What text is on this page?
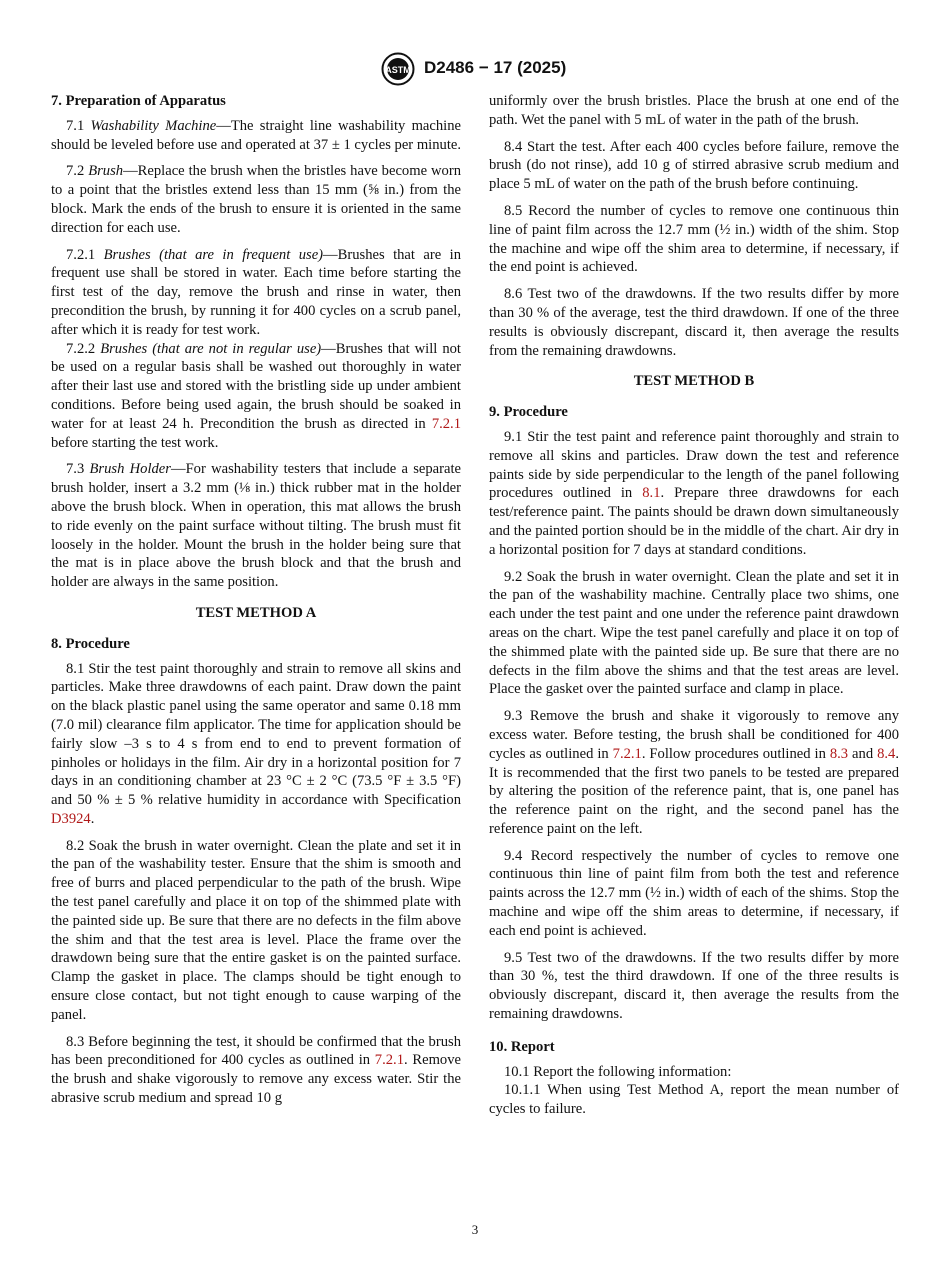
ASTM D2486 − 17 (2025)
7. Preparation of Apparatus

7.1 Washability Machine—The straight line washability machine should be leveled before use and operated at 37 ± 1 cycles per minute.

7.2 Brush—Replace the brush when the bristles have become worn to a point that the bristles extend less than 15 mm (⅝ in.) from the block. Mark the ends of the brush to ensure it is oriented in the same direction for each use.

7.2.1 Brushes (that are in frequent use)—Brushes that are in frequent use shall be stored in water. Each time before starting the first test of the day, remove the brush and rinse in water, then precondition the brush, by running it for 400 cycles on a scrub panel, after which it is ready for test work.

7.2.2 Brushes (that are not in regular use)—Brushes that will not be used on a regular basis shall be washed out thoroughly in water after their last use and stored with the bristling side up under ambient conditions. Before being used again, the brush should be soaked in water for at least 24 h. Precondition the brush as directed in 7.2.1 before starting the test work.

7.3 Brush Holder—For washability testers that include a separate brush holder, insert a 3.2 mm (⅛ in.) thick rubber mat in the holder above the brush block. When in operation, this mat allows the brush to ride evenly on the paint surface without tilting. The brush must fit loosely in the holder. Mount the brush in the holder being sure that the mat is in place above the brush block and that the brush and holder are always in the same position.

TEST METHOD A
8. Procedure

8.1 Stir the test paint thoroughly and strain to remove all skins and particles. Make three drawdowns of each paint. Draw down the paint on the black plastic panel using the same operator and same 0.18 mm (7.0 mil) clearance film applicator. The time for application should be fairly slow –3 s to 4 s from end to end to prevent formation of pinholes or holidays in the film. Air dry in a horizontal position for 7 days in an conditioning chamber at 23 °C ± 2 °C (73.5 °F ± 3.5 °F) and 50 % ± 5 % relative humidity in accordance with Specification D3924.

8.2 Soak the brush in water overnight. Clean the plate and set it in the pan of the washability tester. Ensure that the shim is smooth and free of burrs and placed perpendicular to the path of the brush. Wipe the test panel carefully and place it on top of the shimmed plate with the painted side up. Be sure that there are no defects in the film above the shim and that the test area is level. Place the frame over the drawdown being sure that the entire gasket is on the painted surface. Clamp the gasket in place. The clamps should be tight enough to ensure close contact, but not tight enough to cause warping of the panel.

8.3 Before beginning the test, it should be confirmed that the brush has been preconditioned for 400 cycles as outlined in 7.2.1. Remove the brush and shake vigorously to remove any excess water. Stir the abrasive scrub medium and spread 10 g

uniformly over the brush bristles. Place the brush at one end of the path. Wet the panel with 5 mL of water in the path of the brush.

8.4 Start the test. After each 400 cycles before failure, remove the brush (do not rinse), add 10 g of stirred abrasive scrub medium and place 5 mL of water on the path of the brush before continuing.

8.5 Record the number of cycles to remove one continuous thin line of paint film across the 12.7 mm (½ in.) width of the shim. Stop the machine and wipe off the shim area to determine, if necessary, if the end point is achieved.

8.6 Test two of the drawdowns. If the two results differ by more than 30 % of the average, test the third drawdown. If one of the three results is obviously discrepant, discard it, then average the results from the remaining drawdowns.

TEST METHOD B
9. Procedure

9.1 Stir the test paint and reference paint thoroughly and strain to remove all skins and particles. Draw down the test and reference paints side by side perpendicular to the length of the panel following procedures outlined in 8.1. Prepare three drawdowns for each test/reference paint. The paints should be drawn down simultaneously and the painted portion should be in the middle of the chart. Air dry in a horizontal position for 7 days at standard conditions.

9.2 Soak the brush in water overnight. Clean the plate and set it in the pan of the washability machine. Centrally place two shims, one each under the test paint and one under the reference paint drawdown areas on the chart. Wipe the test panel carefully and place it on top of the shimmed plate with the painted side up. Be sure that there are no defects in the film above the shims and that the test areas are level. Place the gasket over the painted surface and clamp in place.

9.3 Remove the brush and shake it vigorously to remove any excess water. Before testing, the brush shall be conditioned for 400 cycles as outlined in 7.2.1. Follow procedures outlined in 8.3 and 8.4. It is recommended that the first two panels to be tested are prepared by altering the position of the reference paint, that is, one panel has the reference paint on the right, and the second panel has the reference paint on the left.

9.4 Record respectively the number of cycles to remove one continuous thin line of paint film from both the test and reference paints across the 12.7 mm (½ in.) width of each of the shims. Stop the machine and wipe off the shim areas to determine, if necessary, if each end point is achieved.

9.5 Test two of the drawdowns. If the two results differ by more than 30 %, test the third drawdown. If one of the three results is obviously discrepant, discard it, then average the results from the remaining drawdowns.

10. Report

10.1 Report the following information:

10.1.1 When using Test Method A, report the mean number of cycles to failure.

3
